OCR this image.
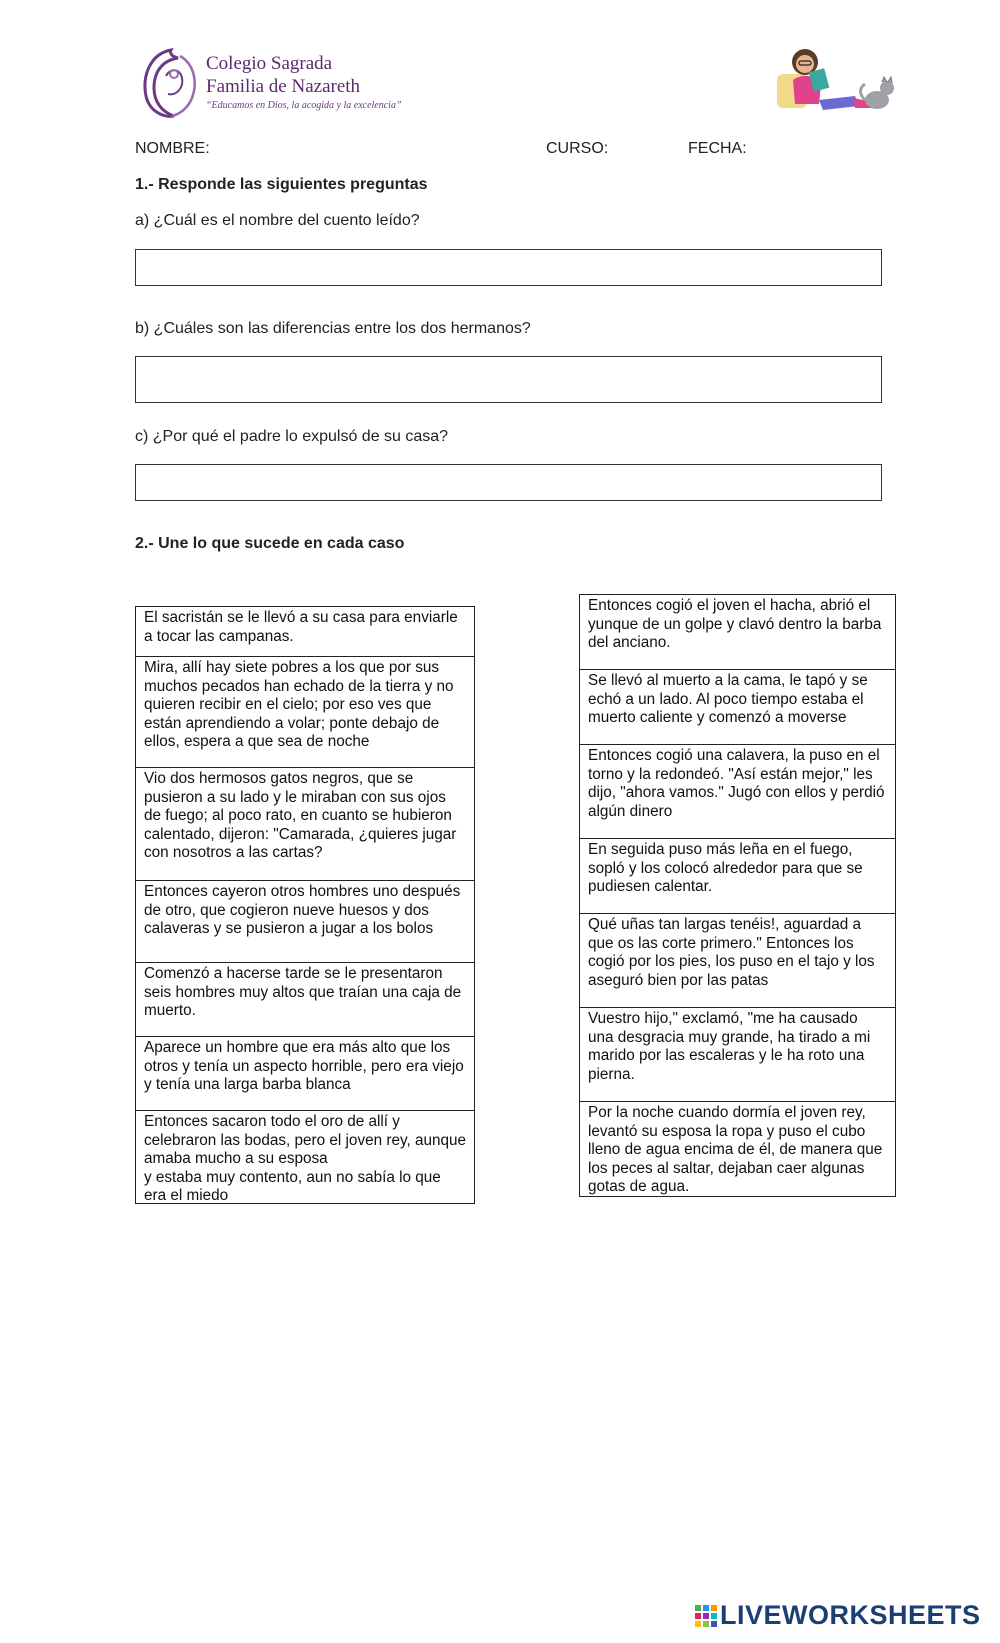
Colegio Sagrada
Familia de Nazareth
“Educamos en Dios, la acogida y la excelencia”
NOMBRE:	CURSO:	FECHA:
1.- Responde las siguientes preguntas
a) ¿Cuál es el nombre del cuento leído?
b) ¿Cuáles son las diferencias entre los dos hermanos?
c) ¿Por qué el padre lo expulsó de su casa?
2.- Une lo que sucede en cada caso
El sacristán se le llevó a su casa para enviarle a tocar las campanas.
Mira, allí hay siete pobres a los que por sus muchos pecados han echado de la tierra y no quieren recibir en el cielo; por eso ves que están aprendiendo a volar; ponte debajo de ellos, espera a que sea de noche
Vio dos hermosos gatos negros, que se pusieron a su lado y le miraban con sus ojos de fuego; al poco rato, en cuanto se hubieron calentado, dijeron: "Camarada, ¿quieres jugar con nosotros a las cartas?
Entonces cayeron otros hombres uno después de otro, que cogieron nueve huesos y dos calaveras y se pusieron a jugar a los bolos
Comenzó a hacerse tarde se le presentaron seis hombres muy altos que traían una caja de muerto.
Aparece un hombre que era más alto que los otros y tenía un aspecto horrible, pero era viejo y tenía una larga barba blanca
Entonces sacaron todo el oro de allí y celebraron las bodas, pero el joven rey, aunque amaba mucho a su esposa
y estaba muy contento, aun no sabía lo que era el miedo
Entonces cogió el joven el hacha, abrió el yunque de un golpe y clavó dentro la barba del anciano.
Se llevó al muerto a la cama, le tapó y se echó a un lado. Al poco tiempo estaba el muerto caliente y comenzó a moverse
Entonces cogió una calavera, la puso en el torno y la redondeó. "Así están mejor," les dijo, "ahora vamos." Jugó con ellos y perdió algún dinero
En seguida puso más leña en el fuego, sopló y los colocó alrededor para que se pudiesen calentar.
Qué uñas tan largas tenéis!, aguardad a que os las corte primero." Entonces los cogió por los pies, los puso en el tajo y los aseguró bien por las patas
Vuestro hijo," exclamó, "me ha causado una desgracia muy grande, ha tirado a mi marido por las escaleras y le ha roto una pierna.
Por la noche cuando dormía el joven rey, levantó su esposa la ropa y puso el cubo lleno de agua encima de él, de manera que los peces al saltar, dejaban caer algunas gotas de agua.
LIVEWORKSHEETS
